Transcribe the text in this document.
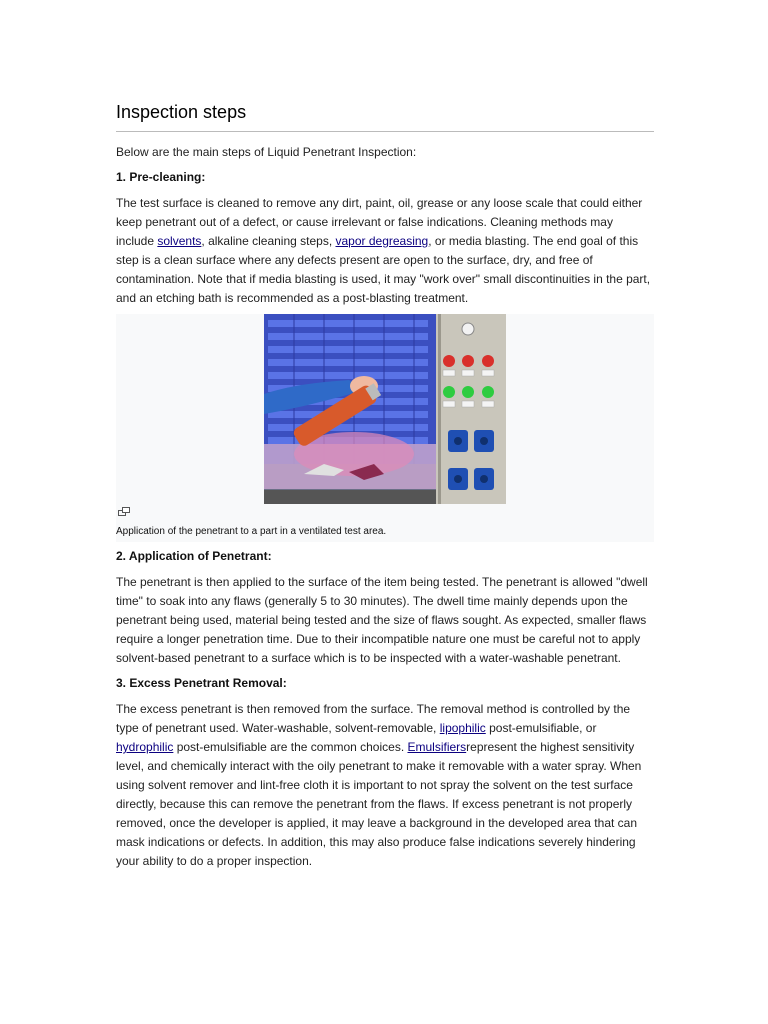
Inspection steps

Below are the main steps of Liquid Penetrant Inspection:

1. Pre-cleaning:

The test surface is cleaned to remove any dirt, paint, oil, grease or any loose scale that could either keep penetrant out of a defect, or cause irrelevant or false indications. Cleaning methods may include solvents, alkaline cleaning steps, vapor degreasing, or media blasting. The end goal of this step is a clean surface where any defects present are open to the surface, dry, and free of contamination. Note that if media blasting is used, it may "work over" small discontinuities in the part, and an etching bath is recommended as a post-blasting treatment.

Application of the penetrant to a part in a ventilated test area.
2. Application of Penetrant:

The penetrant is then applied to the surface of the item being tested. The penetrant is allowed "dwell time" to soak into any flaws (generally 5 to 30 minutes). The dwell time mainly depends upon the penetrant being used, material being tested and the size of flaws sought. As expected, smaller flaws require a longer penetration time. Due to their incompatible nature one must be careful not to apply solvent-based penetrant to a surface which is to be inspected with a water-washable penetrant.

3. Excess Penetrant Removal:

The excess penetrant is then removed from the surface. The removal method is controlled by the type of penetrant used. Water-washable, solvent-removable, lipophilic post-emulsifiable, or hydrophilic post-emulsifiable are the common choices. Emulsifiersrepresent the highest sensitivity level, and chemically interact with the oily penetrant to make it removable with a water spray. When using solvent remover and lint-free cloth it is important to not spray the solvent on the test surface directly, because this can remove the penetrant from the flaws. If excess penetrant is not properly removed, once the developer is applied, it may leave a background in the developed area that can mask indications or defects. In addition, this may also produce false indications severely hindering your ability to do a proper inspection.
